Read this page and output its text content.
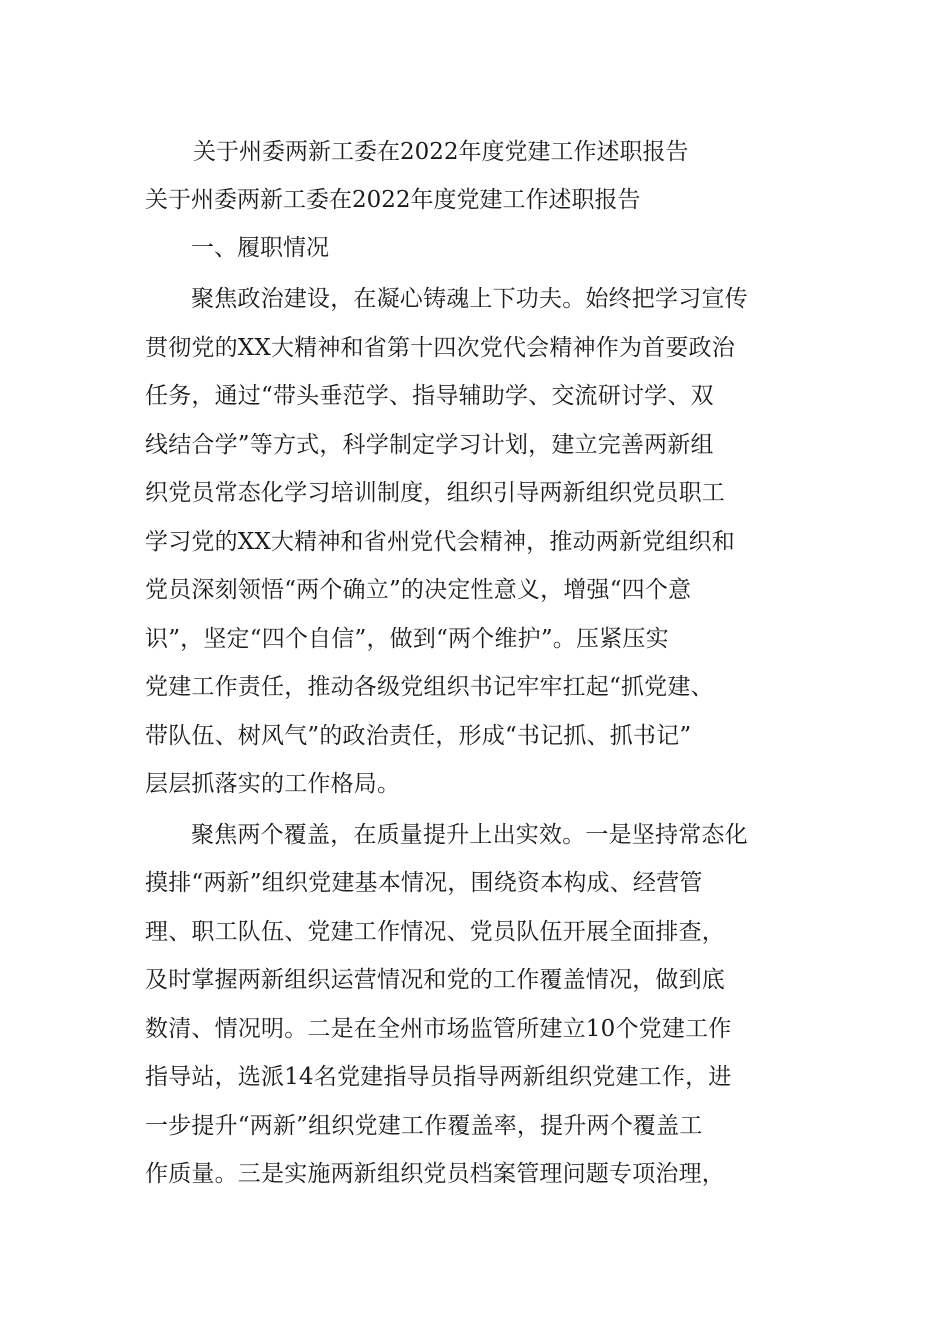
关于州委两新工委在2022年度党建工作述职报告
关于州委两新工委在2022年度党建工作述职报告
一、履职情况
聚焦政治建设，在凝心铸魂上下功夫。始终把学习宣传
贯彻党的XX大精神和省第十四次党代会精神作为首要政治
任务，通过“带头垂范学、指导辅助学、交流研讨学、双
线结合学”等方式，科学制定学习计划，建立完善两新组
织党员常态化学习培训制度，组织引导两新组织党员职工
学习党的XX大精神和省州党代会精神，推动两新党组织和
党员深刻领悟“两个确立”的决定性意义，增强“四个意
识”，坚定“四个自信”，做到“两个维护”。压紧压实
党建工作责任，推动各级党组织书记牢牢扛起“抓党建、
带队伍、树风气”的政治责任，形成“书记抓、抓书记”
层层抓落实的工作格局。
聚焦两个覆盖，在质量提升上出实效。一是坚持常态化
摸排“两新”组织党建基本情况，围绕资本构成、经营管
理、职工队伍、党建工作情况、党员队伍开展全面排查，
及时掌握两新组织运营情况和党的工作覆盖情况，做到底
数清、情况明。二是在全州市场监管所建立10个党建工作
指导站，选派14名党建指导员指导两新组织党建工作，进
一步提升“两新”组织党建工作覆盖率，提升两个覆盖工
作质量。三是实施两新组织党员档案管理问题专项治理，
